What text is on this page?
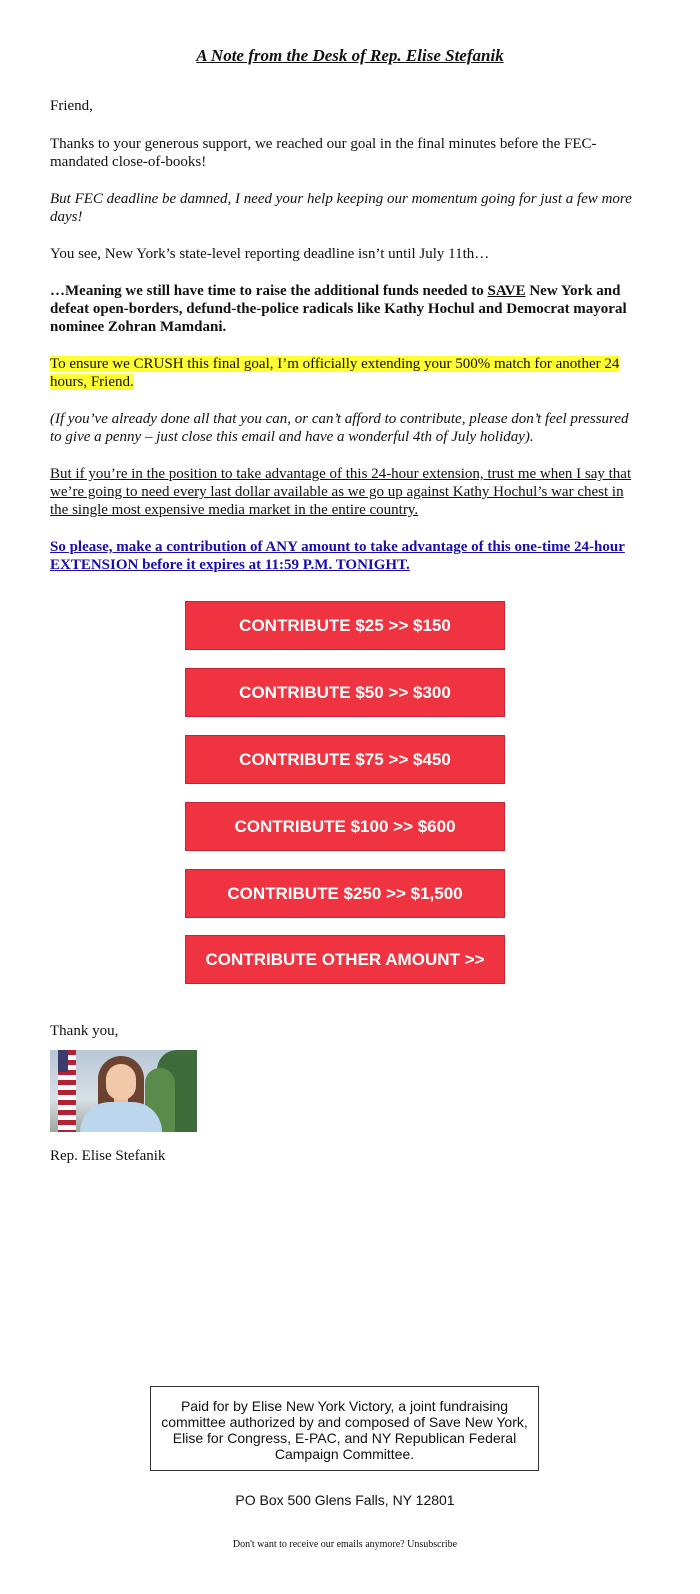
A Note from the Desk of Rep. Elise Stefanik

Friend,

Thanks to your generous support, we reached our goal in the final minutes before the FEC-mandated close-of-books!

But FEC deadline be damned, I need your help keeping our momentum going for just a few more days!

You see, New York’s state-level reporting deadline isn’t until July 11th…

…Meaning we still have time to raise the additional funds needed to SAVE New York and defeat open-borders, defund-the-police radicals like Kathy Hochul and Democrat mayoral nominee Zohran Mamdani.

To ensure we CRUSH this final goal, I’m officially extending your 500% match for another 24 hours, Friend.

(If you’ve already done all that you can, or can’t afford to contribute, please don’t feel pressured to give a penny – just close this email and have a wonderful 4th of July holiday).

But if you’re in the position to take advantage of this 24-hour extension, trust me when I say that we’re going to need every last dollar available as we go up against Kathy Hochul’s war chest in the single most expensive media market in the entire country.

So please, make a contribution of ANY amount to take advantage of this one-time 24-hour EXTENSION before it expires at 11:59 P.M. TONIGHT.

CONTRIBUTE $25 >> $150
CONTRIBUTE $50 >> $300
CONTRIBUTE $75 >> $450
CONTRIBUTE $100 >> $600
CONTRIBUTE $250 >> $1,500
CONTRIBUTE OTHER AMOUNT >>

Thank you,

Rep. Elise Stefanik

Paid for by Elise New York Victory, a joint fundraising committee authorized by and composed of Save New York, Elise for Congress, E-PAC, and NY Republican Federal Campaign Committee.
PO Box 500 Glens Falls, NY 12801
Don't want to receive our emails anymore? Unsubscribe
